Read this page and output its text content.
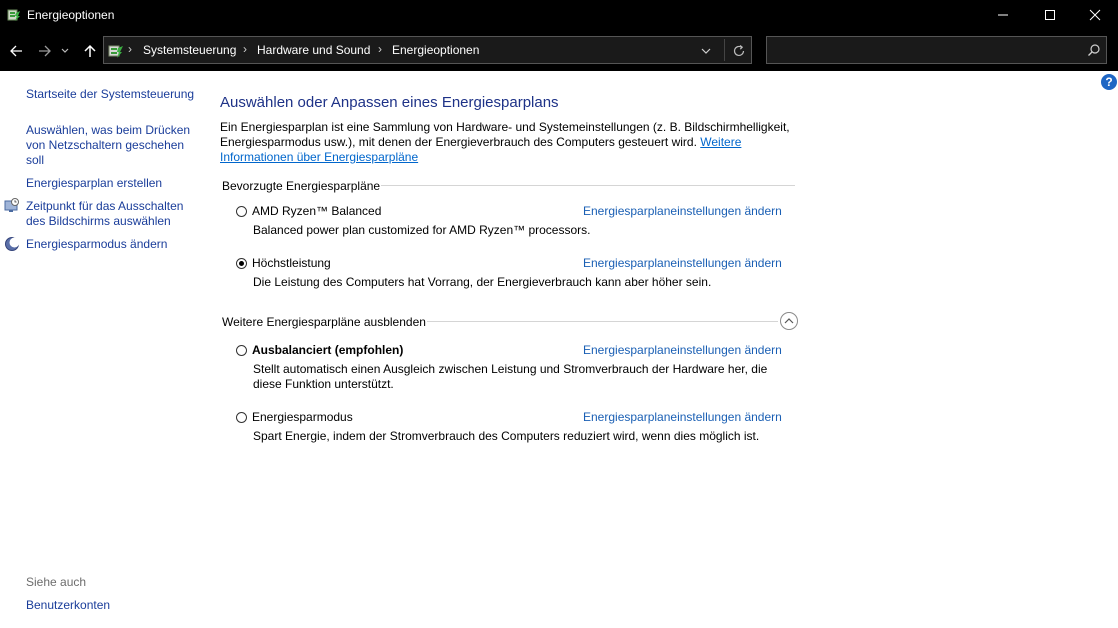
Energieoptionen
› Systemsteuerung › Hardware und Sound › Energieoptionen
?
Startseite der Systemsteuerung
Auswählen, was beim Drücken von Netzschaltern geschehen soll
Energiesparplan erstellen
Zeitpunkt für das Ausschalten des Bildschirms auswählen
Energiesparmodus ändern
Siehe auch
Benutzerkonten
Auswählen oder Anpassen eines Energiesparplans
Ein Energiesparplan ist eine Sammlung von Hardware- und Systemeinstellungen (z. B. Bildschirmhelligkeit, Energiesparmodus usw.), mit denen der Energieverbrauch des Computers gesteuert wird. Weitere Informationen über Energiesparpläne
Bevorzugte Energiesparpläne
AMD Ryzen™ Balanced	Energiesparplaneinstellungen ändern
Balanced power plan customized for AMD Ryzen™ processors.
Höchstleistung	Energiesparplaneinstellungen ändern
Die Leistung des Computers hat Vorrang, der Energieverbrauch kann aber höher sein.
Weitere Energiesparpläne ausblenden
Ausbalanciert (empfohlen)	Energiesparplaneinstellungen ändern
Stellt automatisch einen Ausgleich zwischen Leistung und Stromverbrauch der Hardware her, die diese Funktion unterstützt.
Energiesparmodus	Energiesparplaneinstellungen ändern
Spart Energie, indem der Stromverbrauch des Computers reduziert wird, wenn dies möglich ist.
